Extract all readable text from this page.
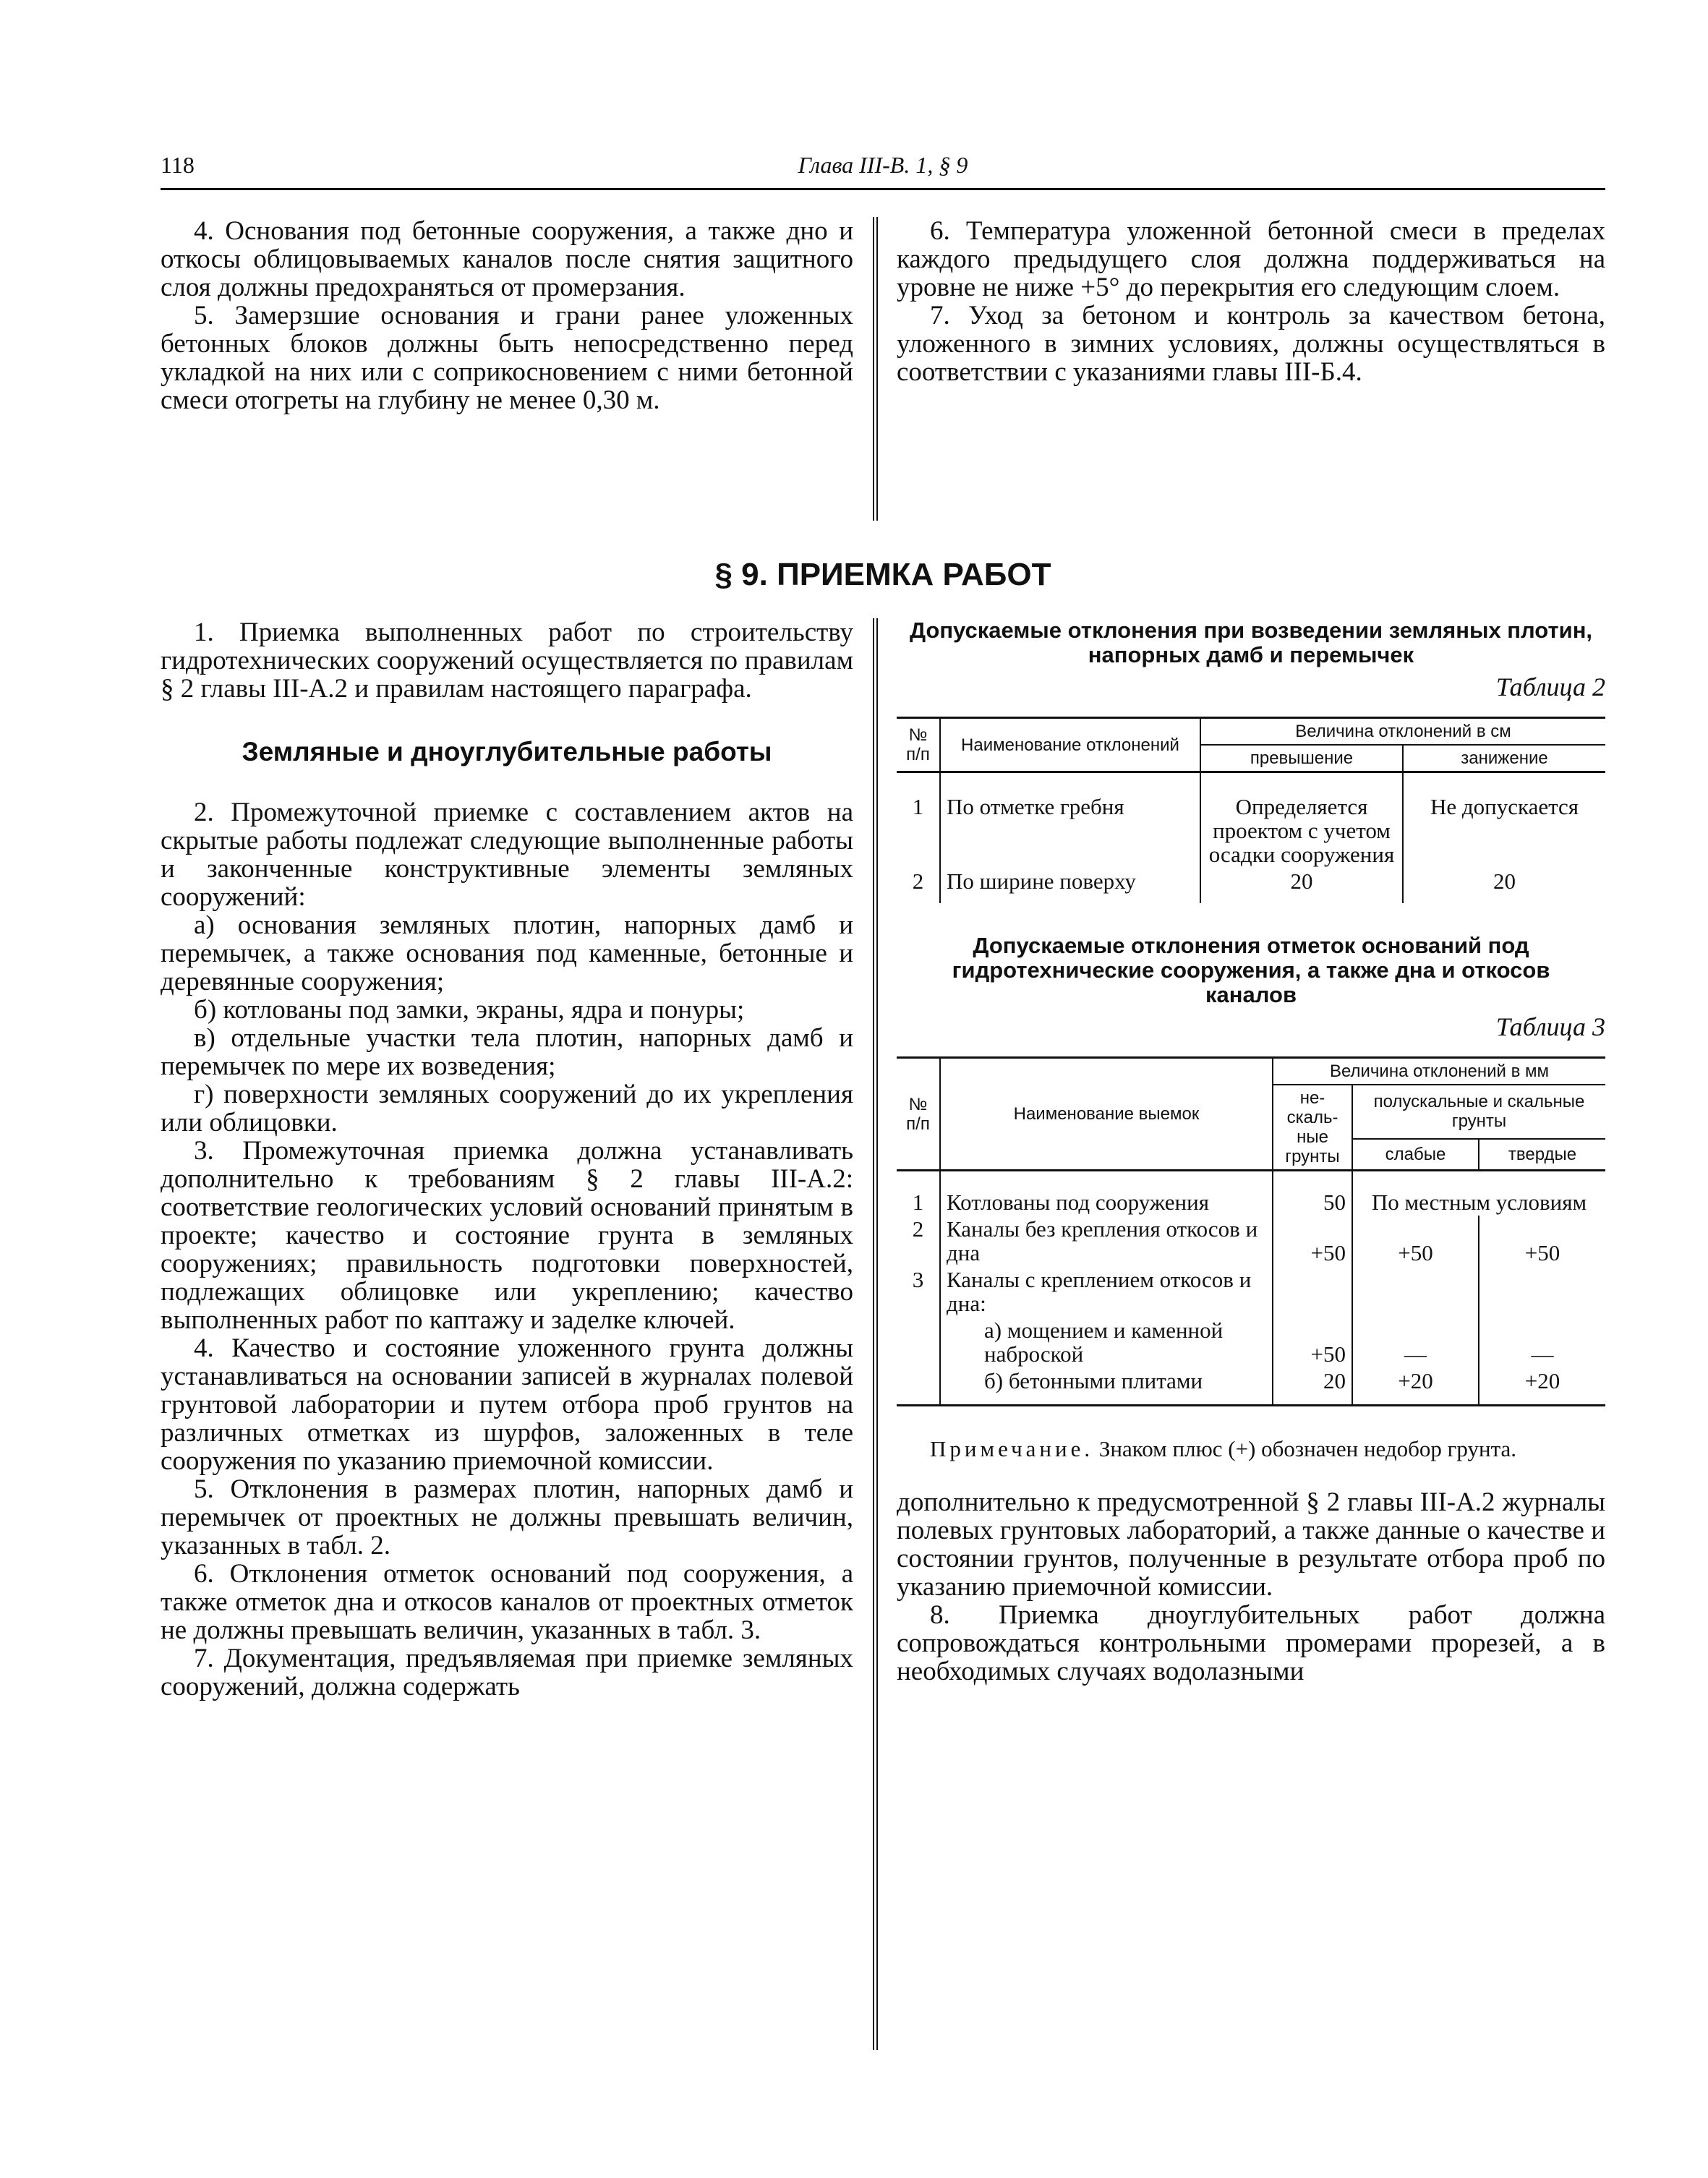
118	Глава III-В. 1, § 9

4. Основания под бетонные сооружения, а также дно и откосы облицовываемых каналов после снятия защитного слоя должны предохраняться от промерзания.

5. Замерзшие основания и грани ранее уложенных бетонных блоков должны быть непосредственно перед укладкой на них или с соприкосновением с ними бетонной смеси отогреты на глубину не менее 0,30 м.

6. Температура уложенной бетонной смеси в пределах каждого предыдущего слоя должна поддерживаться на уровне не ниже +5° до перекрытия его следующим слоем.

7. Уход за бетоном и контроль за качеством бетона, уложенного в зимних условиях, должны осуществляться в соответствии с указаниями главы III-Б.4.

§ 9. ПРИЕМКА РАБОТ

1. Приемка выполненных работ по строительству гидротехнических сооружений осуществляется по правилам § 2 главы III-А.2 и правилам настоящего параграфа.

Земляные и дноуглубительные работы

2. Промежуточной приемке с составлением актов на скрытые работы подлежат следующие выполненные работы и законченные конструктивные элементы земляных сооружений:

а) основания земляных плотин, напорных дамб и перемычек, а также основания под каменные, бетонные и деревянные сооружения;

б) котлованы под замки, экраны, ядра и понуры;

в) отдельные участки тела плотин, напорных дамб и перемычек по мере их возведения;

г) поверхности земляных сооружений до их укрепления или облицовки.

3. Промежуточная приемка должна устанавливать дополнительно к требованиям § 2 главы III-А.2: соответствие геологических условий оснований принятым в проекте; качество и состояние грунта в земляных сооружениях; правильность подготовки поверхностей, подлежащих облицовке или укреплению; качество выполненных работ по каптажу и заделке ключей.

4. Качество и состояние уложенного грунта должны устанавливаться на основании записей в журналах полевой грунтовой лаборатории и путем отбора проб грунтов на различных отметках из шурфов, заложенных в теле сооружения по указанию приемочной комиссии.

5. Отклонения в размерах плотин, напорных дамб и перемычек от проектных не должны превышать величин, указанных в табл. 2.

6. Отклонения отметок оснований под сооружения, а также отметок дна и откосов каналов от проектных отметок не должны превышать величин, указанных в табл. 3.

7. Документация, предъявляемая при приемке земляных сооружений, должна содержать

Допускаемые отклонения при возведении земляных плотин, напорных дамб и перемычек
Таблица 2
№ п/п	Наименование отклонений	Величина отклонений в см	
		превышение	занижение
1	По отметке гребня	Определяется проектом с учетом осадки сооружения	Не допускается
2	По ширине поверху	20	20
Допускаемые отклонения отметок оснований под гидротехнические сооружения, а также дна и откосов каналов
Таблица 3
№ п/п	Наименование выемок	Величина отклонений в мм		
		не-скаль-ные грунты	полускальные и скальные грунты	
			слабые	твердые
1	Котлованы под сооружения	50	По местным условиям	
2	Каналы без крепления откосов и дна	+50	+50	+50
3	Каналы с креплением откосов и дна:			
	а) мощением и каменной наброской	+50	—	—
	б) бетонными плитами	20	+20	+20

Примечание. Знаком плюс (+) обозначен недобор грунта.

дополнительно к предусмотренной § 2 главы III-А.2 журналы полевых грунтовых лабораторий, а также данные о качестве и состоянии грунтов, полученные в результате отбора проб по указанию приемочной комиссии.

8. Приемка дноуглубительных работ должна сопровождаться контрольными промерами прорезей, а в необходимых случаях водолазными
